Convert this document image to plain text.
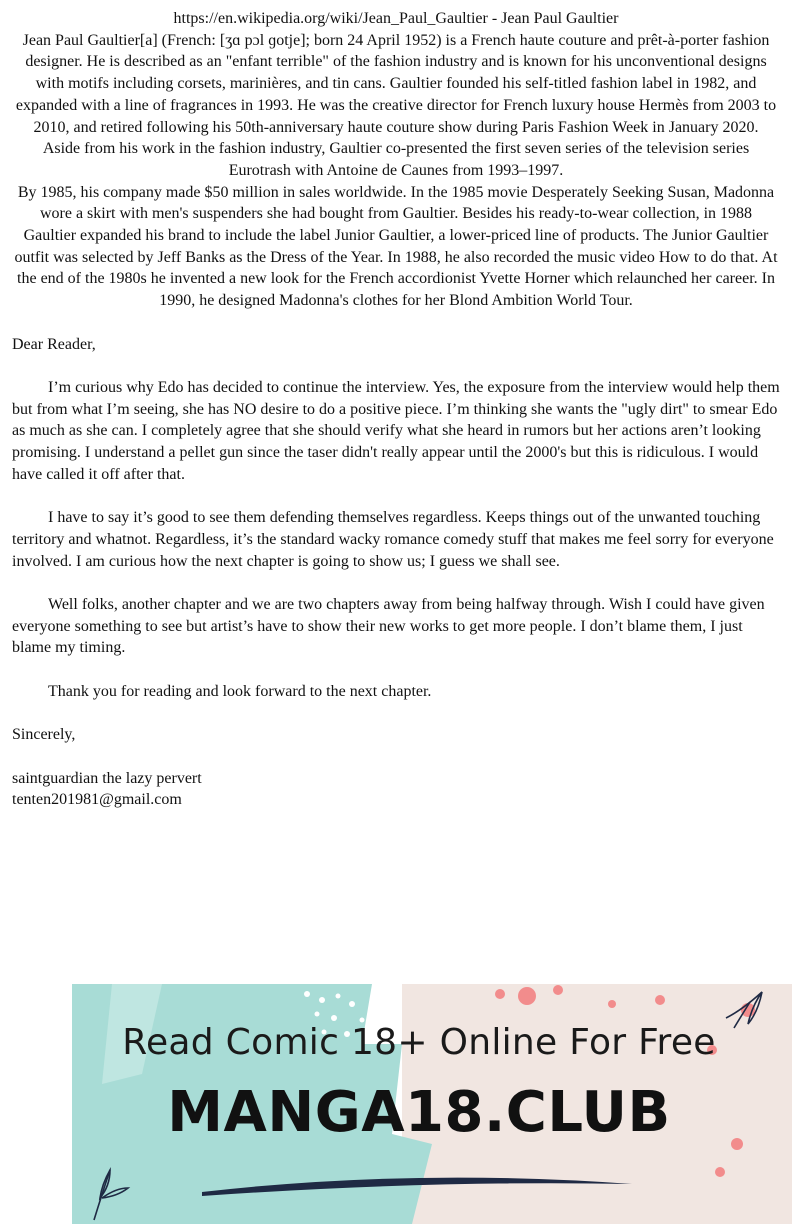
https://en.wikipedia.org/wiki/Jean_Paul_Gaultier - Jean Paul Gaultier

Jean Paul Gaultier[a] (French: [ʒɑ pɔl ɡotje]; born 24 April 1952) is a French haute couture and prêt-à-porter fashion designer. He is described as an "enfant terrible" of the fashion industry and is known for his unconventional designs with motifs including corsets, marinières, and tin cans. Gaultier founded his self-titled fashion label in 1982, and expanded with a line of fragrances in 1993. He was the creative director for French luxury house Hermès from 2003 to 2010, and retired following his 50th-anniversary haute couture show during Paris Fashion Week in January 2020.

Aside from his work in the fashion industry, Gaultier co-presented the first seven series of the television series Eurotrash with Antoine de Caunes from 1993–1997.

By 1985, his company made $50 million in sales worldwide. In the 1985 movie Desperately Seeking Susan, Madonna wore a skirt with men's suspenders she had bought from Gaultier. Besides his ready-to-wear collection, in 1988 Gaultier expanded his brand to include the label Junior Gaultier, a lower-priced line of products. The Junior Gaultier outfit was selected by Jeff Banks as the Dress of the Year. In 1988, he also recorded the music video How to do that. At the end of the 1980s he invented a new look for the French accordionist Yvette Horner which relaunched her career. In 1990, he designed Madonna's clothes for her Blond Ambition World Tour.

Dear Reader,

I’m curious why Edo has decided to continue the interview. Yes, the exposure from the interview would help them but from what I’m seeing, she has NO desire to do a positive piece. I’m thinking she wants the "ugly dirt" to smear Edo as much as she can. I completely agree that she should verify what she heard in rumors but her actions aren’t looking promising. I understand a pellet gun since the taser didn't really appear until the 2000's but this is ridiculous. I would have called it off after that.

I have to say it’s good to see them defending themselves regardless. Keeps things out of the unwanted touching territory and whatnot. Regardless, it’s the standard wacky romance comedy stuff that makes me feel sorry for everyone involved. I am curious how the next chapter is going to show us; I guess we shall see.

Well folks, another chapter and we are two chapters away from being halfway through. Wish I could have given everyone something to see but artist’s have to show their new works to get more people. I don’t blame them, I just blame my timing.

Thank you for reading and look forward to the next chapter.

Sincerely,

saintguardian the lazy pervert

tenten201981@gmail.com

Read Comic 18+ Online For Free
MANGA18.CLUB
